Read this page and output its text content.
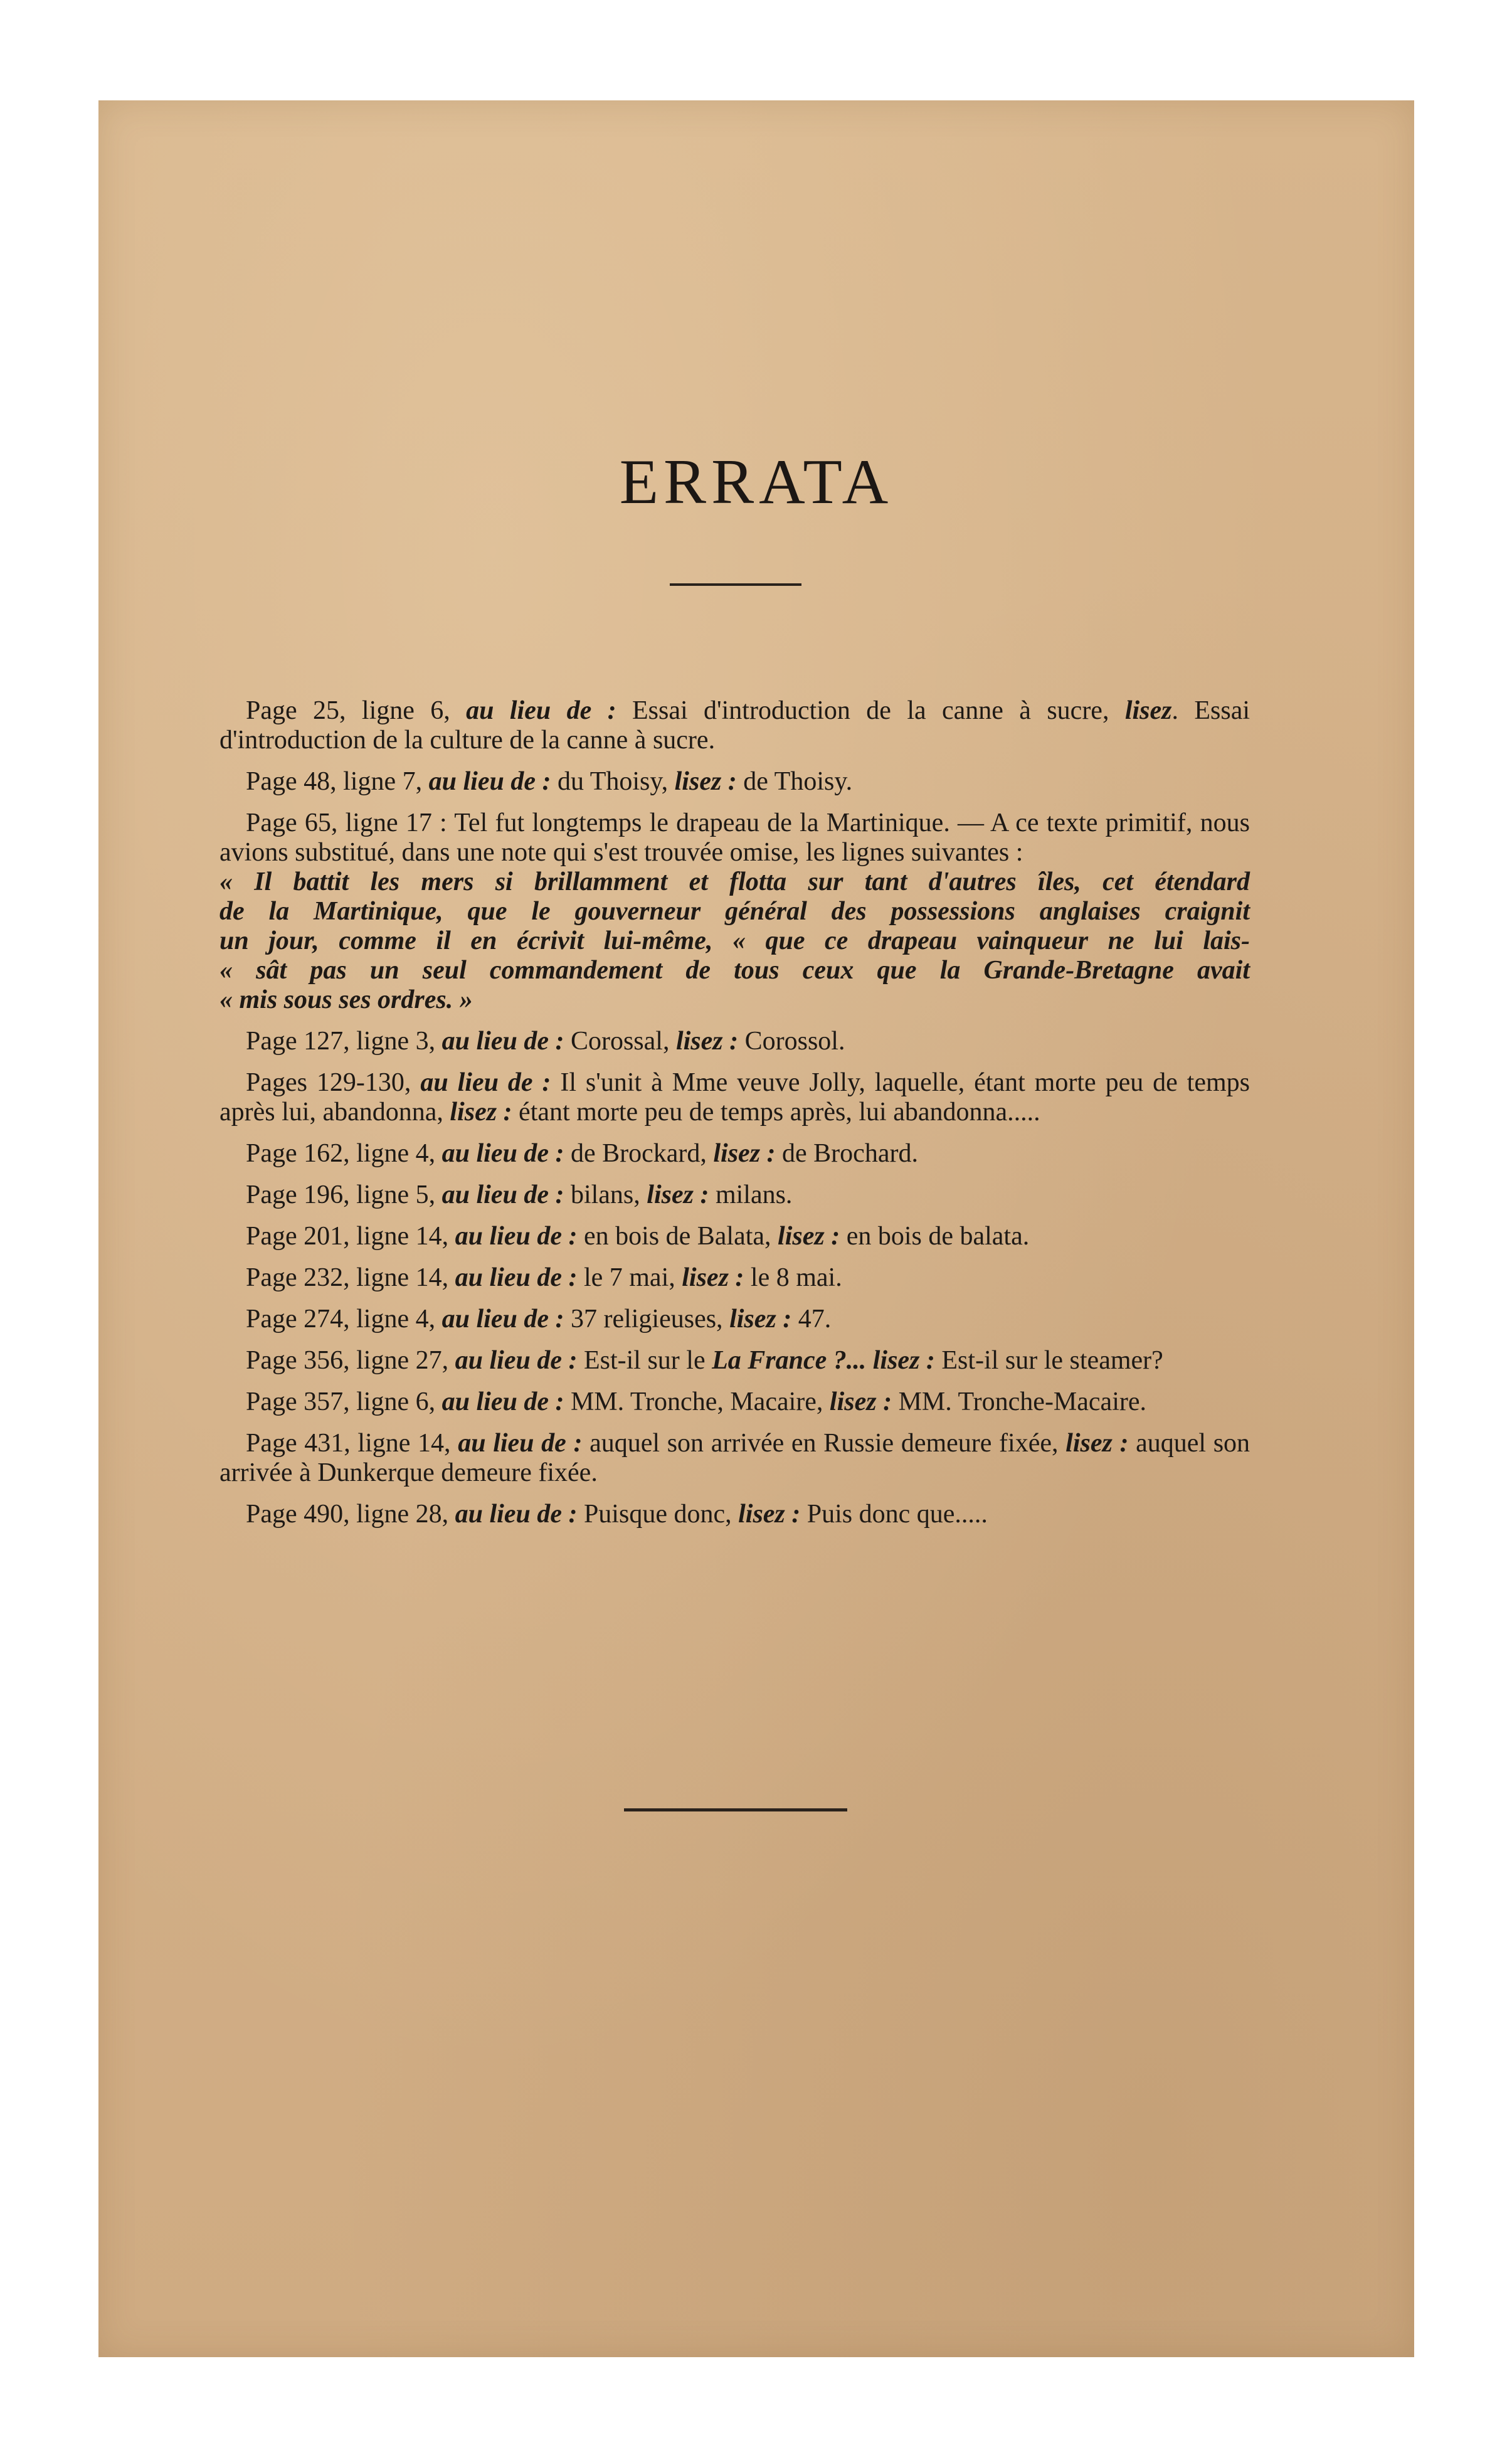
ERRATA

Page 25, ligne 6, au lieu de : Essai d'introduction de la canne à sucre, lisez. Essai d'introduction de la culture de la canne à sucre.

Page 48, ligne 7, au lieu de : du Thoisy, lisez : de Thoisy.

Page 65, ligne 17 : Tel fut longtemps le drapeau de la Martinique. — A ce texte primitif, nous avions substitué, dans une note qui s'est trouvée omise, les lignes suivantes :
« Il battit les mers si brillamment et flotta sur tant d'autres îles, cet étendard
de la Martinique, que le gouverneur général des possessions anglaises craignit
un jour, comme il en écrivit lui-même, « que ce drapeau vainqueur ne lui lais-
« sât pas un seul commandement de tous ceux que la Grande-Bretagne avait
« mis sous ses ordres. »

Page 127, ligne 3, au lieu de : Corossal, lisez : Corossol.

Pages 129-130, au lieu de : Il s'unit à Mme veuve Jolly, laquelle, étant morte peu de temps après lui, abandonna, lisez : étant morte peu de temps après, lui abandonna.....

Page 162, ligne 4, au lieu de : de Brockard, lisez : de Brochard.

Page 196, ligne 5, au lieu de : bilans, lisez : milans.

Page 201, ligne 14, au lieu de : en bois de Balata, lisez : en bois de balata.

Page 232, ligne 14, au lieu de : le 7 mai, lisez : le 8 mai.

Page 274, ligne 4, au lieu de : 37 religieuses, lisez : 47.

Page 356, ligne 27, au lieu de : Est-il sur le La France ?... lisez : Est-il sur le steamer?

Page 357, ligne 6, au lieu de : MM. Tronche, Macaire, lisez : MM. Tronche-Macaire.

Page 431, ligne 14, au lieu de : auquel son arrivée en Russie demeure fixée, lisez : auquel son arrivée à Dunkerque demeure fixée.

Page 490, ligne 28, au lieu de : Puisque donc, lisez : Puis donc que.....
